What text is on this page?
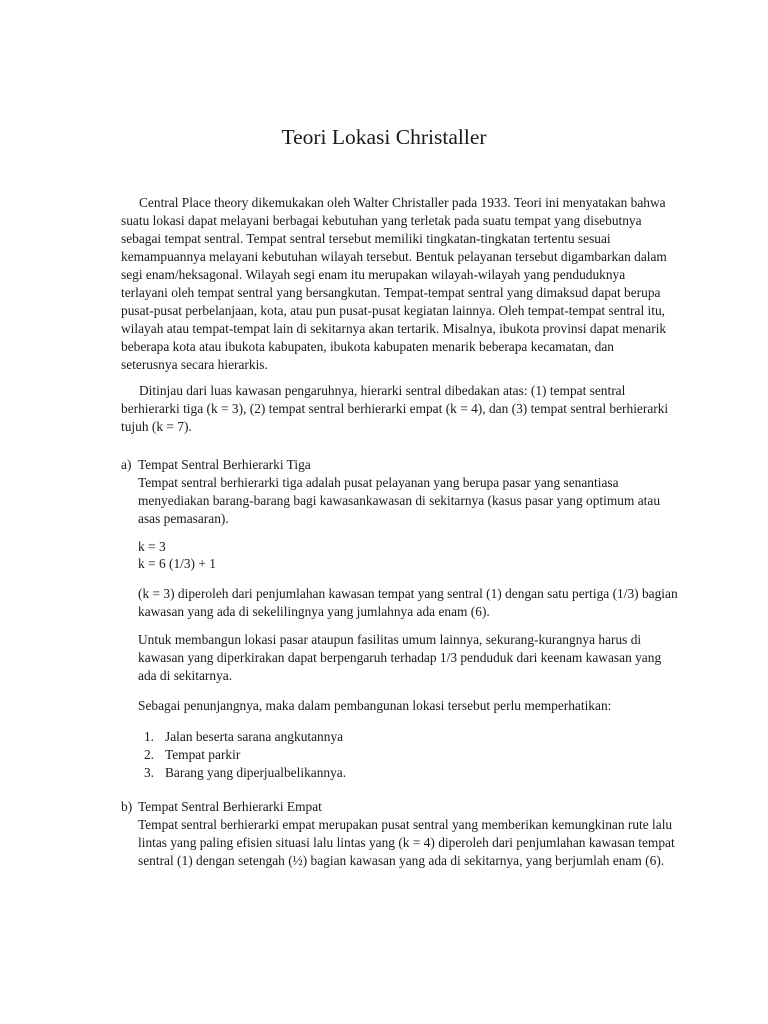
Teori Lokasi Christaller

Central Place theory dikemukakan oleh Walter Christaller pada 1933. Teori ini menyatakan bahwa suatu lokasi dapat melayani berbagai kebutuhan yang terletak pada suatu tempat yang disebutnya sebagai tempat sentral. Tempat sentral tersebut memiliki tingkatan-tingkatan tertentu sesuai kemampuannya melayani kebutuhan wilayah tersebut. Bentuk pelayanan tersebut digambarkan dalam segi enam/heksagonal. Wilayah segi enam itu merupakan wilayah-wilayah yang penduduknya terlayani oleh tempat sentral yang bersangkutan. Tempat-tempat sentral yang dimaksud dapat berupa pusat-pusat perbelanjaan, kota, atau pun pusat-pusat kegiatan lainnya. Oleh tempat-tempat sentral itu, wilayah atau tempat-tempat lain di sekitarnya akan tertarik. Misalnya, ibukota provinsi dapat menarik beberapa kota atau ibukota kabupaten, ibukota kabupaten menarik beberapa kecamatan, dan seterusnya secara hierarkis.

Ditinjau dari luas kawasan pengaruhnya, hierarki sentral dibedakan atas: (1) tempat sentral berhierarki tiga (k = 3), (2) tempat sentral berhierarki empat (k = 4), dan (3) tempat sentral berhierarki tujuh (k = 7).

a) Tempat Sentral Berhierarki Tiga

Tempat sentral berhierarki tiga adalah pusat pelayanan yang berupa pasar yang senantiasa menyediakan barang-barang bagi kawasankawasan di sekitarnya (kasus pasar yang optimum atau asas pemasaran).

k = 3

k = 6 (1/3) + 1

(k = 3) diperoleh dari penjumlahan kawasan tempat yang sentral (1) dengan satu pertiga (1/3) bagian kawasan yang ada di sekelilingnya yang jumlahnya ada enam (6).

Untuk membangun lokasi pasar ataupun fasilitas umum lainnya, sekurang-kurangnya harus di kawasan yang diperkirakan dapat berpengaruh terhadap 1/3 penduduk dari keenam kawasan yang ada di sekitarnya.

Sebagai penunjangnya, maka dalam pembangunan lokasi tersebut perlu memperhatikan:

1. Jalan beserta sarana angkutannya
2. Tempat parkir
3. Barang yang diperjualbelikannya.
b) Tempat Sentral Berhierarki Empat

Tempat sentral berhierarki empat merupakan pusat sentral yang memberikan kemungkinan rute lalu lintas yang paling efisien situasi lalu lintas yang (k = 4) diperoleh dari penjumlahan kawasan tempat sentral (1) dengan setengah (½) bagian kawasan yang ada di sekitarnya, yang berjumlah enam (6).
